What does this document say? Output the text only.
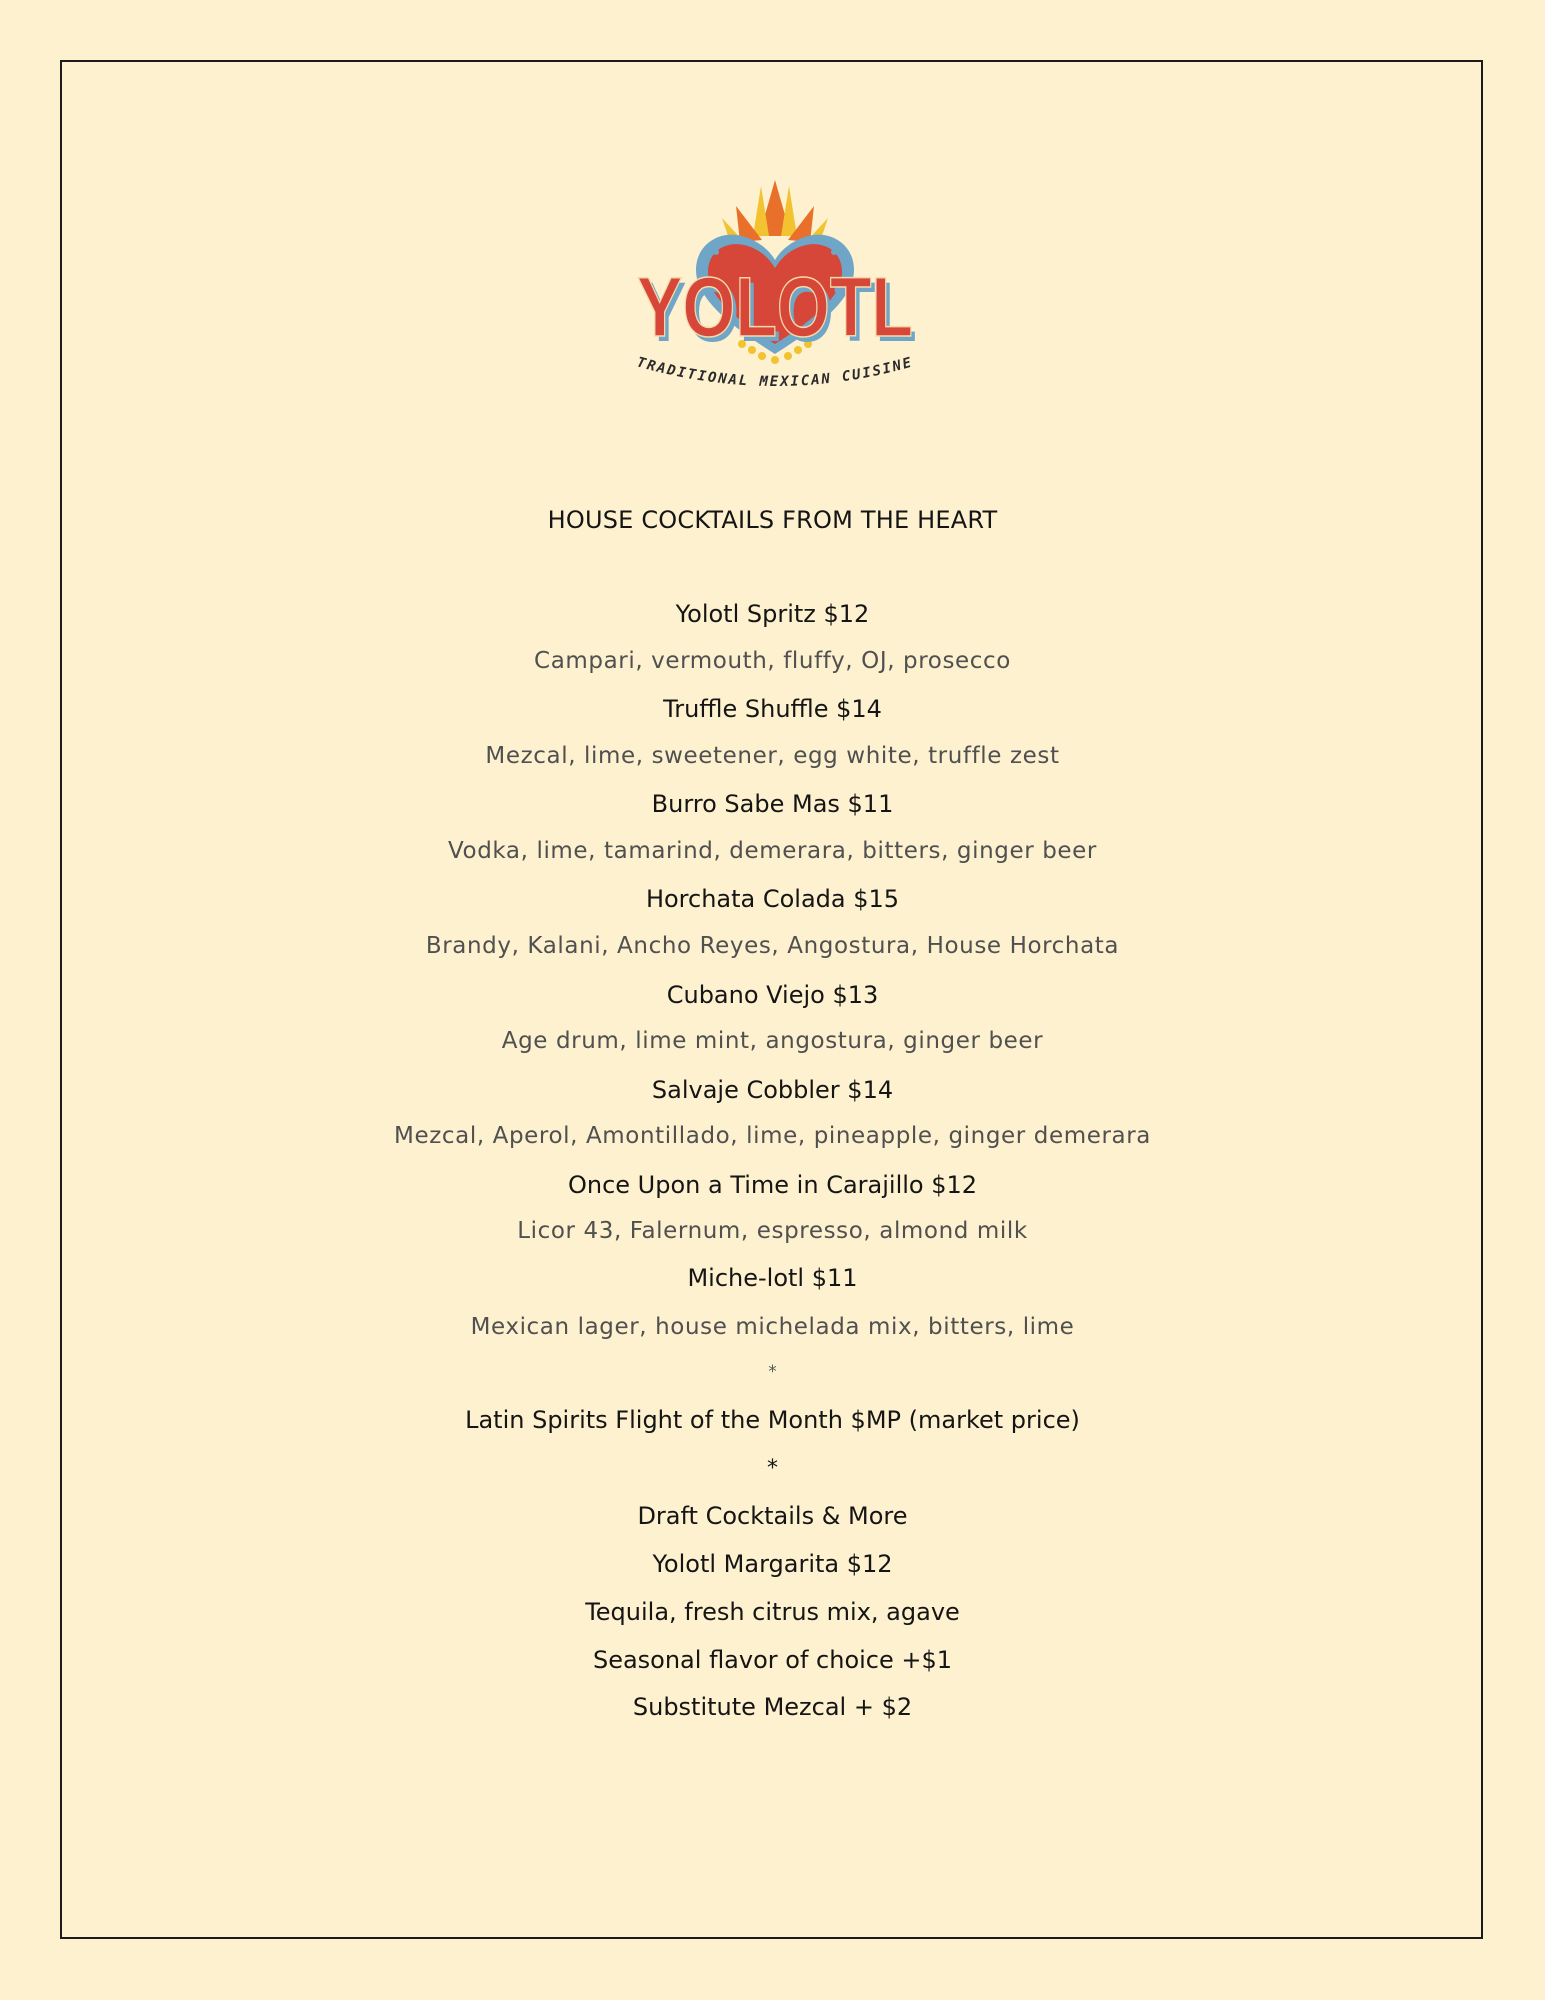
YOLOTL
YOLOTL
TRADITIONAL MEXICAN CUISINE
HOUSE COCKTAILS FROM THE HEART
Yolotl Spritz $12
Campari, vermouth, fluffy, OJ, prosecco
Truffle Shuffle $14
Mezcal, lime, sweetener, egg white, truffle zest
Burro Sabe Mas $11
Vodka, lime, tamarind, demerara, bitters, ginger beer
Horchata Colada $15
Brandy, Kalani, Ancho Reyes, Angostura, House Horchata
Cubano Viejo $13
Age drum, lime mint, angostura, ginger beer
Salvaje Cobbler $14
Mezcal, Aperol, Amontillado, lime, pineapple, ginger demerara
Once Upon a Time in Carajillo $12
Licor 43, Falernum, espresso, almond milk
Miche-lotl $11
Mexican lager, house michelada mix, bitters, lime
*
Latin Spirits Flight of the Month $MP (market price)
*
Draft Cocktails & More
Yolotl Margarita $12
Tequila, fresh citrus mix, agave
Seasonal flavor of choice +$1
Substitute Mezcal + $2
